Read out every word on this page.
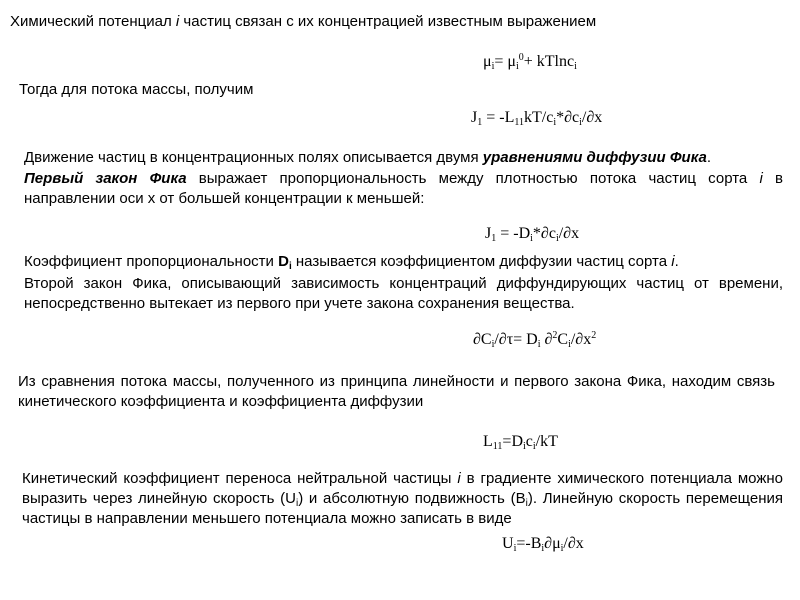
Химический потенциал i частиц связан с их концентрацией известным выражением
$\mu_i= \mu_i^0+ kTlnc_i$
Тогда для потока массы, получим
$J_1 = -L_{11}kT/c_i*\partial c_i/\partial x$
Движение частиц в концентрационных полях описывается двумя уравнениями диффузии Фика.
Первый закон Фика выражает пропорциональность между плотностью потока частиц сорта i в направлении оси x от большей концентрации к меньшей:
$J_1 = -D_i*\partial c_i/\partial x$
Коэффициент пропорциональности $D_i$ называется коэффициентом диффузии частиц сорта i.
Второй закон Фика, описывающий зависимость концентраций диффундирующих частиц от времени, непосредственно вытекает из первого при учете закона сохранения вещества.
$\partial C_i/\partial\tau= D_i$ $\partial^2C_i/\partial x^2$
Из сравнения потока массы, полученного из принципа линейности и первого закона Фика, находим связь кинетического коэффициента и коэффициента диффузии
$L_{11}=D_ic_i/kT$
Кинетический коэффициент переноса нейтральной частицы i в градиенте химического потенциала можно выразить через линейную скорость $(U_i)$ и абсолютную подвижность $(B_i)$. Линейную скорость перемещения частицы в направлении меньшего потенциала можно записать в виде
$U_i=-B_i\partial\mu_i/\partial x$
